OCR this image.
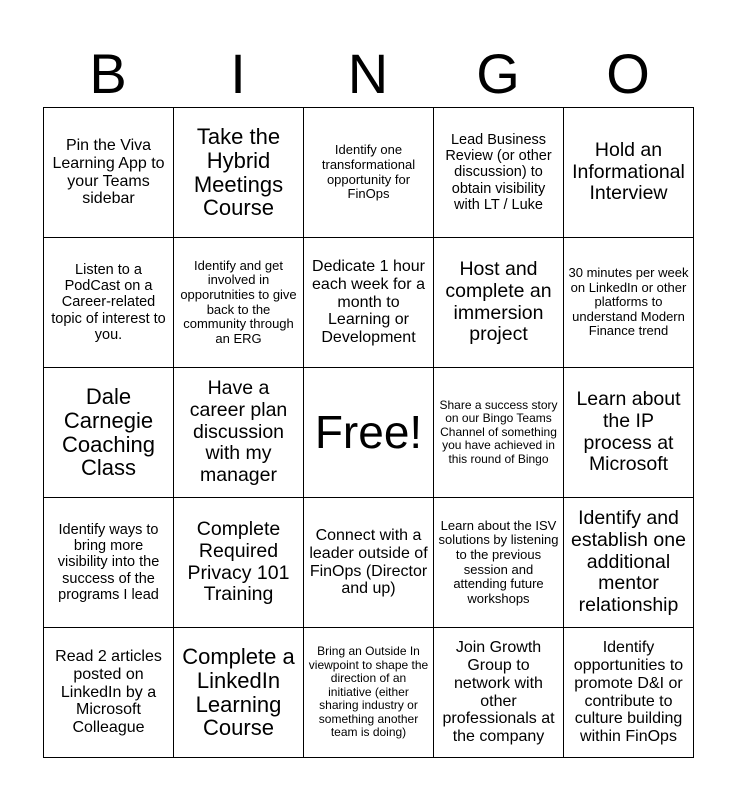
B	I	N	G	O
Pin the Viva Learning App to your Teams sidebar	Take the Hybrid Meetings Course	Identify one transformational opportunity for FinOps	Lead Business Review (or other discussion) to obtain visibility with LT / Luke	Hold an Informational Interview
Listen to a PodCast on a Career-related topic of interest to you.	Identify and get involved in opporutnities to give back to the community through an ERG	Dedicate 1 hour each week for a month to Learning or Development	Host and complete an immersion project	30 minutes per week on LinkedIn or other platforms to understand Modern Finance trend
Dale Carnegie Coaching Class	Have a career plan discussion with my manager	Free!	Share a success story on our Bingo Teams Channel of something you have achieved in this round of Bingo	Learn about the IP process at Microsoft
Identify ways to bring more visibility into the success of the programs I lead	Complete Required Privacy 101 Training	Connect with a leader outside of FinOps (Director and up)	Learn about the ISV solutions by listening to the previous session and attending future workshops	Identify and establish one additional mentor relationship
Read 2 articles posted on LinkedIn by a Microsoft Colleague	Complete a LinkedIn Learning Course	Bring an Outside In viewpoint to shape the direction of an initiative (either sharing industry or something another team is doing)	Join Growth Group to network with other professionals at the company	Identify opportunities to promote D&I or contribute to culture building within FinOps
